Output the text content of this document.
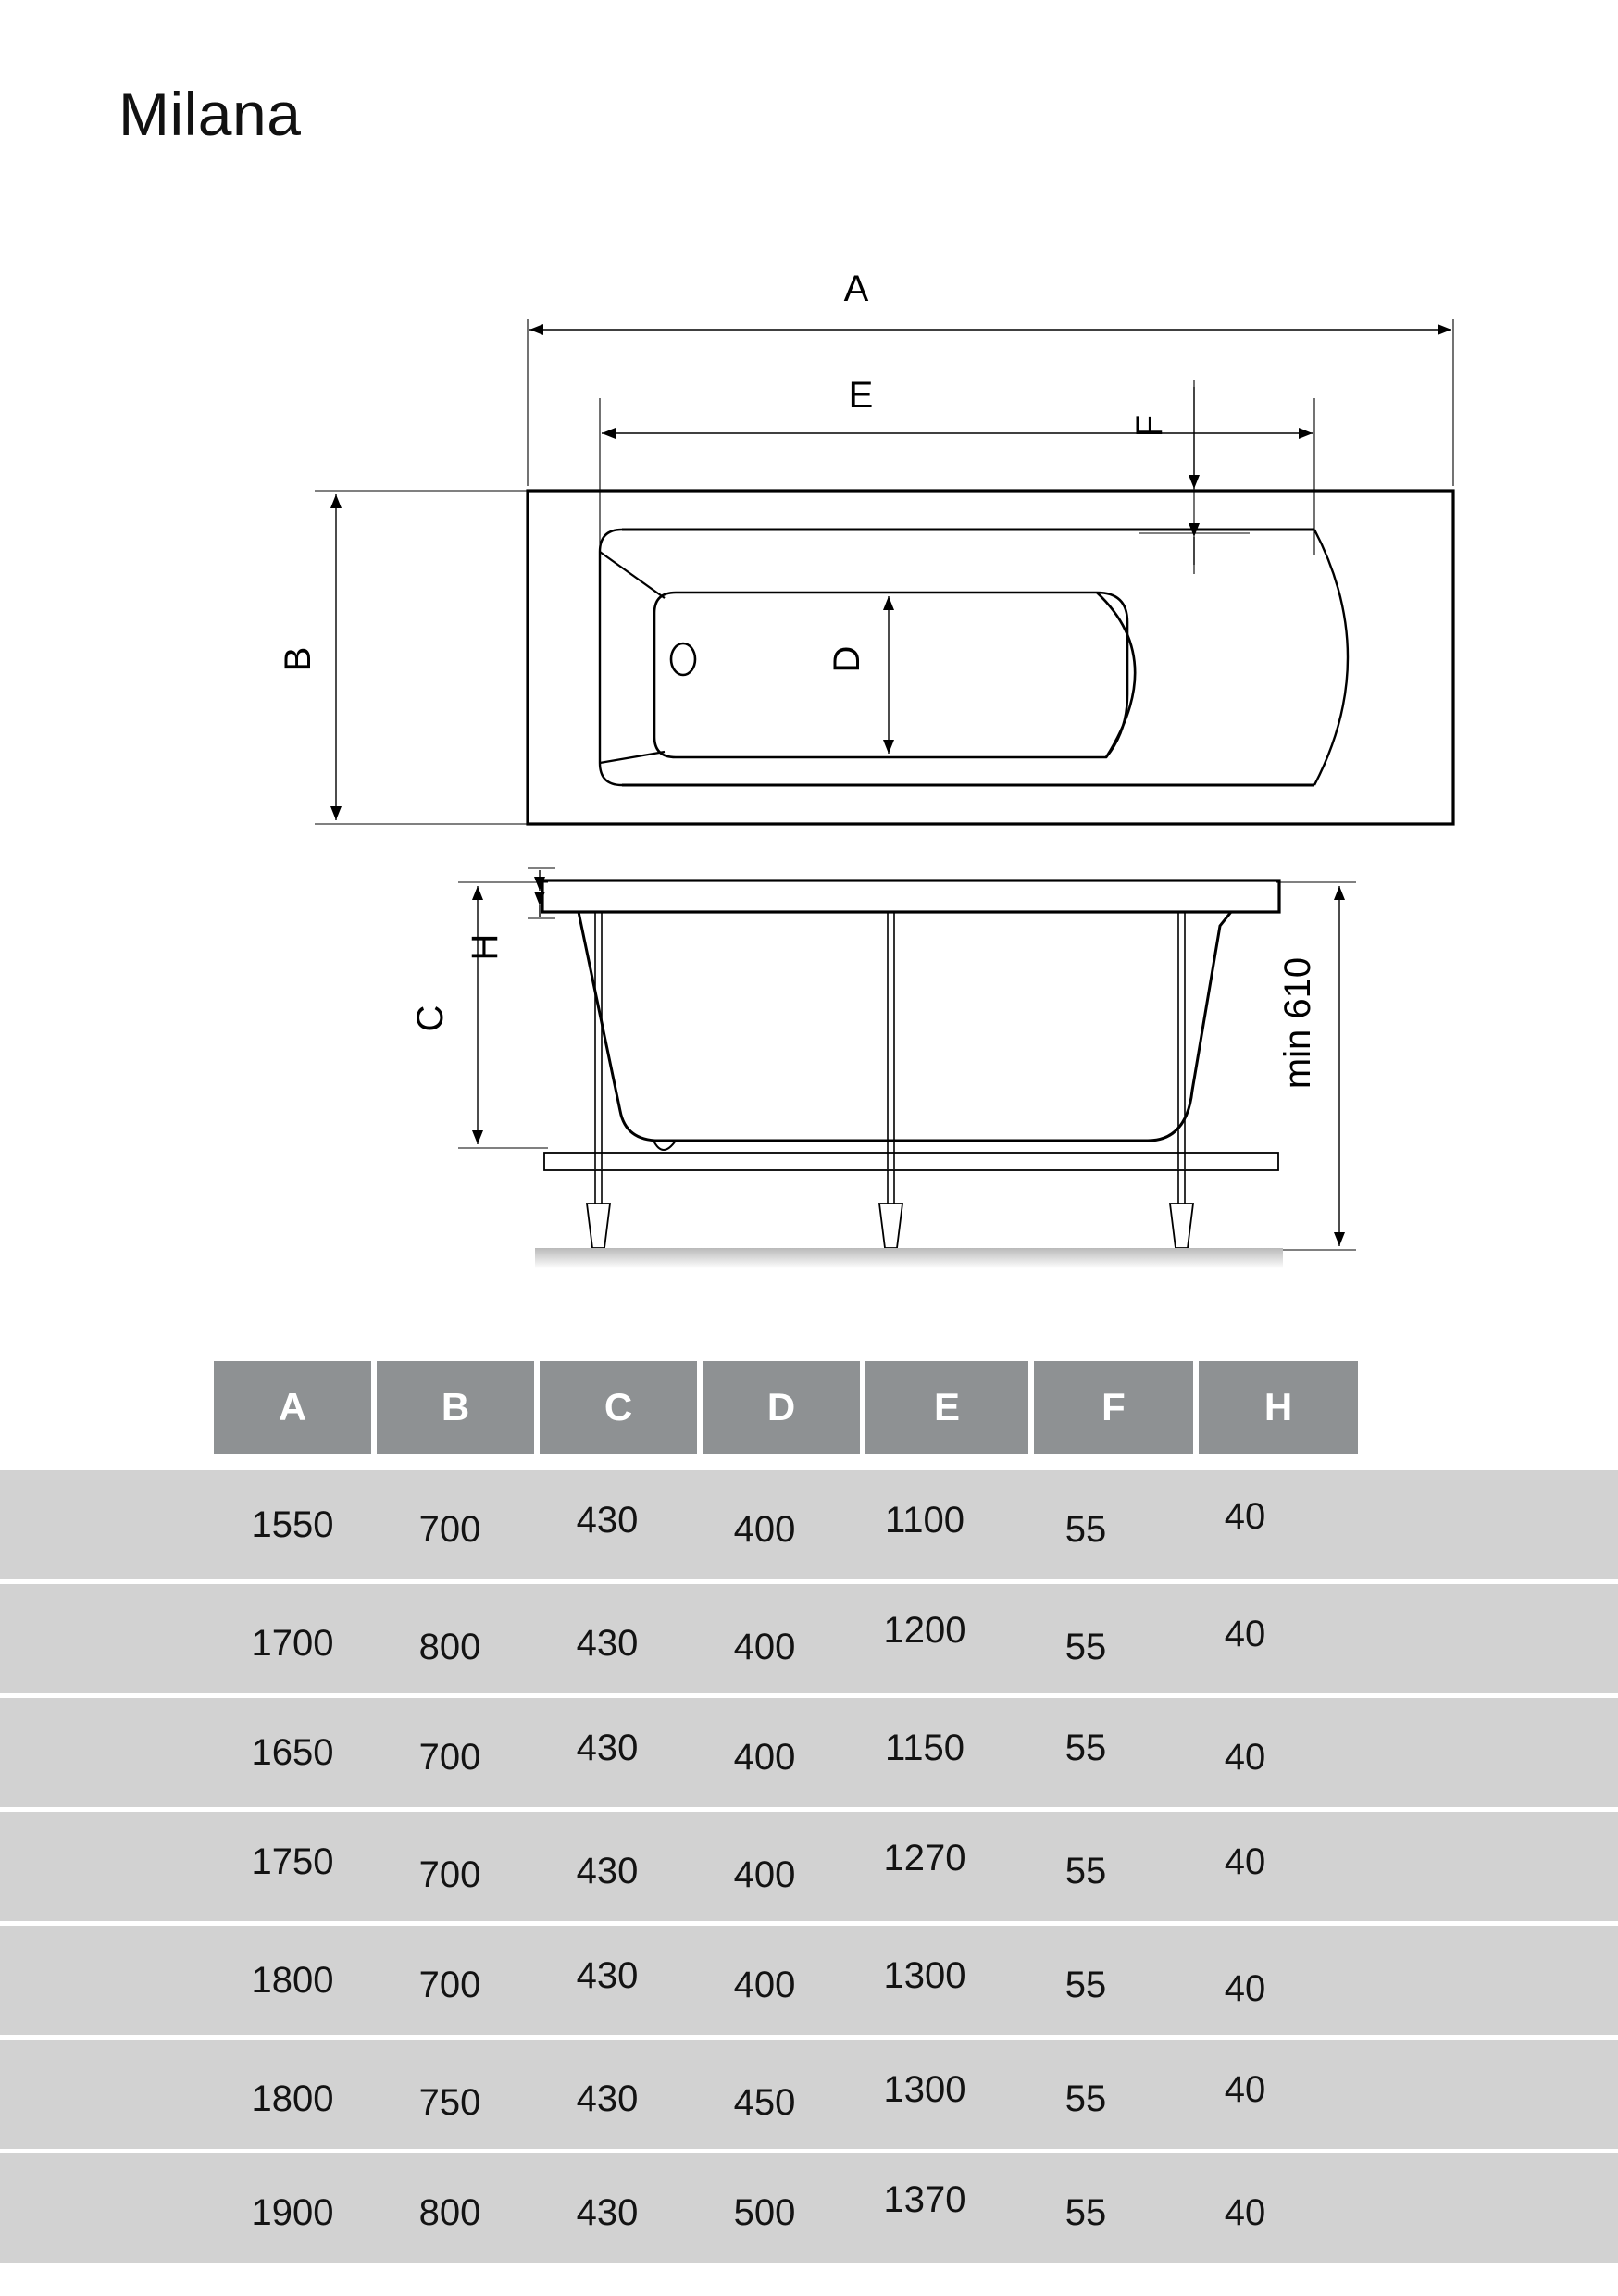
Milana
A
E
F
B	D
C
H
min 610
A	B	C	D	E	F	H
1550	700	430	400	1100	55	40
1700	800	430	400	1200	55	40
1650	700	430	400	1150	55	40
1750	700	430	400	1270	55	40
1800	700	430	400	1300	55	40
1800	750	430	450	1300	55	40
1900	800	430	500	1370	55	40
